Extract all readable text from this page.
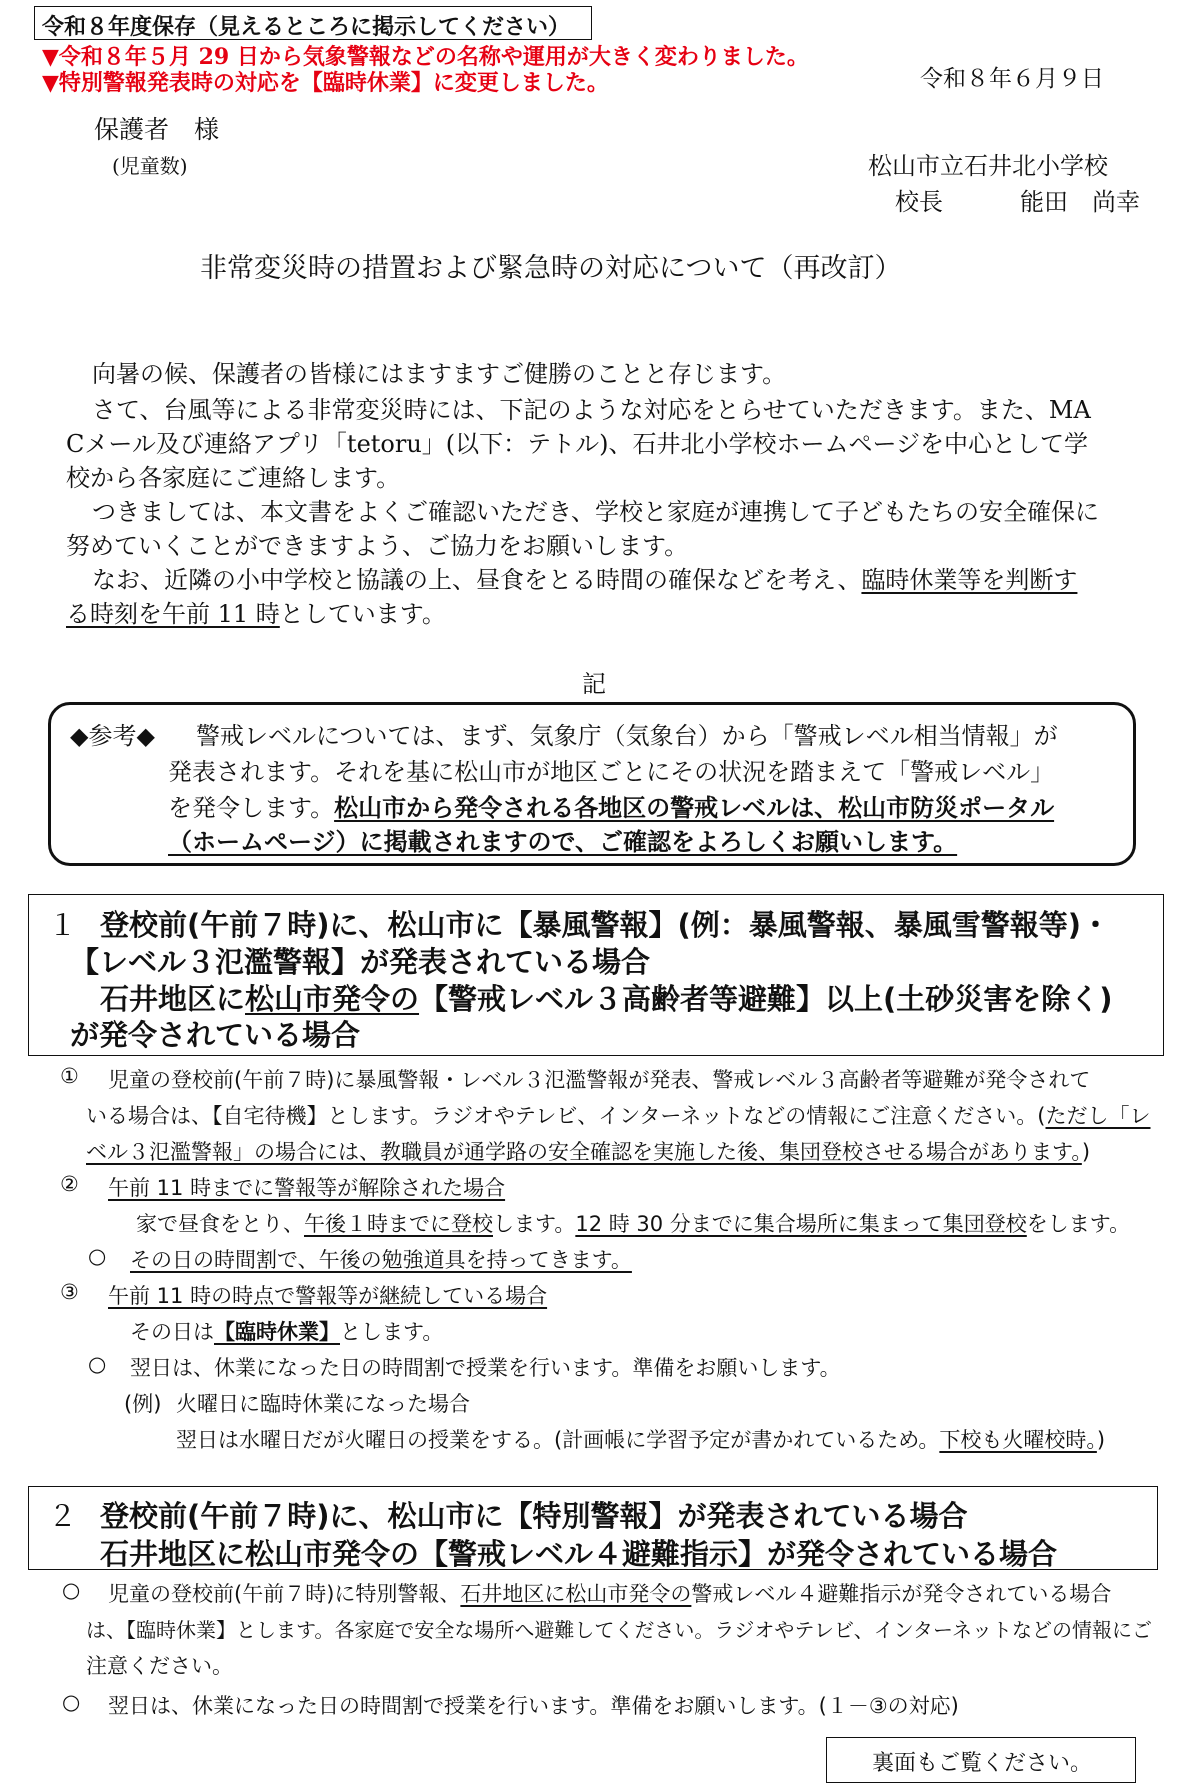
令和８年度保存（見えるところに掲示してください）
▼令和８年５月 29 日から気象警報などの名称や運用が大きく変わりました。
▼特別警報発表時の対応を【臨時休業】に変更しました。	令和８年６月９日
保護者　様
(児童数)	松山市立石井北小学校
校長	能田　尚幸
非常変災時の措置および緊急時の対応について（再改訂）
向暑の候、保護者の皆様にはますますご健勝のことと存じます。
さて、台風等による非常変災時には、下記のような対応をとらせていただきます。また、MA
Cメール及び連絡アプリ「tetoru」(以下：テトル)、石井北小学校ホームページを中心として学
校から各家庭にご連絡します。
つきましては、本文書をよくご確認いただき、学校と家庭が連携して子どもたちの安全確保に
努めていくことができますよう、ご協力をお願いします。
なお、近隣の小中学校と協議の上、昼食をとる時間の確保などを考え、臨時休業等を判断す
る時刻を午前 11 時としています。
記
◆参考◆ 警戒レベルについては、まず、気象庁（気象台）から「警戒レベル相当情報」が
発表されます。それを基に松山市が地区ごとにその状況を踏まえて「警戒レベル」
を発令します。松山市から発令される各地区の警戒レベルは、松山市防災ポータル
（ホームページ）に掲載されますので、ご確認をよろしくお願いします。
１ 登校前(午前７時)に、松山市に【暴風警報】(例：暴風警報、暴風雪警報等)・
【レベル３氾濫警報】が発表されている場合
石井地区に松山市発令の【警戒レベル３高齢者等避難】以上(土砂災害を除く)
が発令されている場合
① 児童の登校前(午前７時)に暴風警報・レベル３氾濫警報が発表、警戒レベル３高齢者等避難が発令されて
いる場合は、【自宅待機】とします。ラジオやテレビ、インターネットなどの情報にご注意ください。(ただし「レ
ベル３氾濫警報」の場合には、教職員が通学路の安全確認を実施した後、集団登校させる場合があります。)
② 午前 11 時までに警報等が解除された場合
家で昼食をとり、午後１時までに登校します。12 時 30 分までに集合場所に集まって集団登校をします。
○ その日の時間割で、午後の勉強道具を持ってきます。
③ 午前 11 時の時点で警報等が継続している場合
その日は【臨時休業】とします。
○ 翌日は、休業になった日の時間割で授業を行います。準備をお願いします。
(例) 火曜日に臨時休業になった場合
翌日は水曜日だが火曜日の授業をする。(計画帳に学習予定が書かれているため。下校も火曜校時。)
２ 登校前(午前７時)に、松山市に【特別警報】が発表されている場合
石井地区に松山市発令の【警戒レベル４避難指示】が発令されている場合
○ 児童の登校前(午前７時)に特別警報、石井地区に松山市発令の警戒レベル４避難指示が発令されている場合
は、【臨時休業】とします。各家庭で安全な場所へ避難してください。ラジオやテレビ、インターネットなどの情報にご
注意ください。
○ 翌日は、休業になった日の時間割で授業を行います。準備をお願いします。(１－③の対応)
裏面もご覧ください。
